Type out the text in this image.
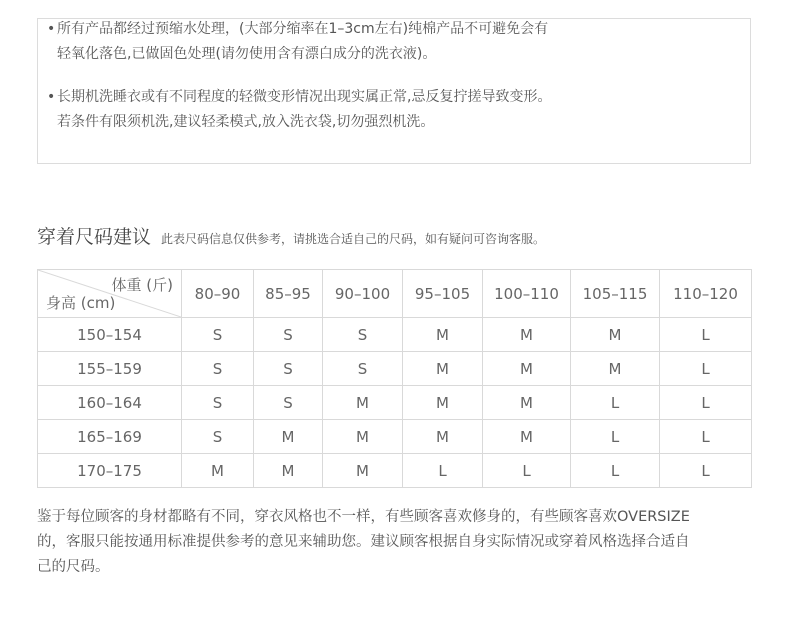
• 所有产品都经过预缩水处理，(大部分缩率在1–3cm左右)纯棉产品不可避免会有
轻氧化落色,已做固色处理(请勿使用含有漂白成分的洗衣液)。
• 长期机洗睡衣或有不同程度的轻微变形情况出现实属正常,忌反复拧搓导致变形。
若条件有限须机洗,建议轻柔模式,放入洗衣袋,切勿强烈机洗。
穿着尺码建议 此表尺码信息仅供参考，请挑选合适自己的尺码，如有疑问可咨询客服。
体重 (斤)
身高 (cm)	80–90	85–95	90–100	95–105	100–110	105–115	110–120
150–154	S	S	S	M	M	M	L
155–159	S	S	S	M	M	M	L
160–164	S	S	M	M	M	L	L
165–169	S	M	M	M	M	L	L
170–175	M	M	M	L	L	L	L
鉴于每位顾客的身材都略有不同，穿衣风格也不一样，有些顾客喜欢修身的，有些顾客喜欢OVERSIZE
的，客服只能按通用标准提供参考的意见来辅助您。建议顾客根据自身实际情况或穿着风格选择合适自
己的尺码。
